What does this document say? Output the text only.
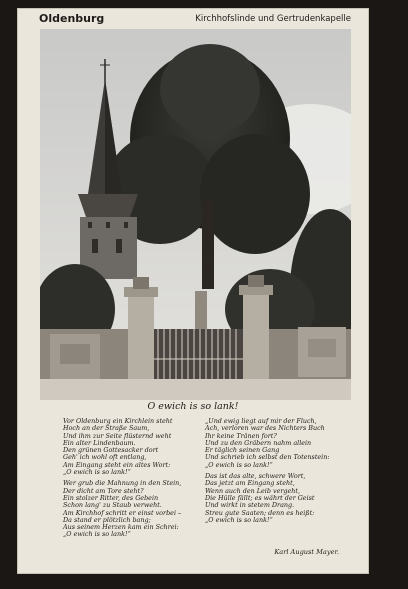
Oldenburg	Kirchhofslinde und Gertrudenkapelle
O ewich is so lank!
Vor Oldenburg ein Kirchlein steht
Hoch an der Straße Saum,
Und ihm zur Seite flüsternd weht
Ein alter Lindenbaum.
Den grünen Gottesacker dort
Geh' ich wohl oft entlang,
Am Eingang steht ein altes Wort:
„O ewich is so lank!“
Wer grub die Mahnung in den Stein,
Der dicht am Tore steht?
Ein stolzer Ritter, des Gebein
Schon lang' zu Staub verweht.
Am Kirchhof schritt er einst vorbei –
Da stand er plötzlich bang;
Aus seinem Herzen kam ein Schrei:
„O ewich is so lank!“
„Und ewig liegt auf mir der Fluch,
Ach, verloren war des Nichters Buch
Ihr keine Tränen fort?
Und zu den Gräbern nahm allein
Er täglich seinen Gang
Und schrieb ich selbst den Totenstein:
„O ewich is so lank!“
Das ist das alte, schwere Wort,
Das jetzt am Eingang steht,
Wenn auch den Leib vergeht,
Die Hülle fällt; es währt der Geist
Und wirkt in stetem Drang.
Streu gute Saaten; denn es heißt:
„O ewich is so lank!“
Karl August Mayer.
